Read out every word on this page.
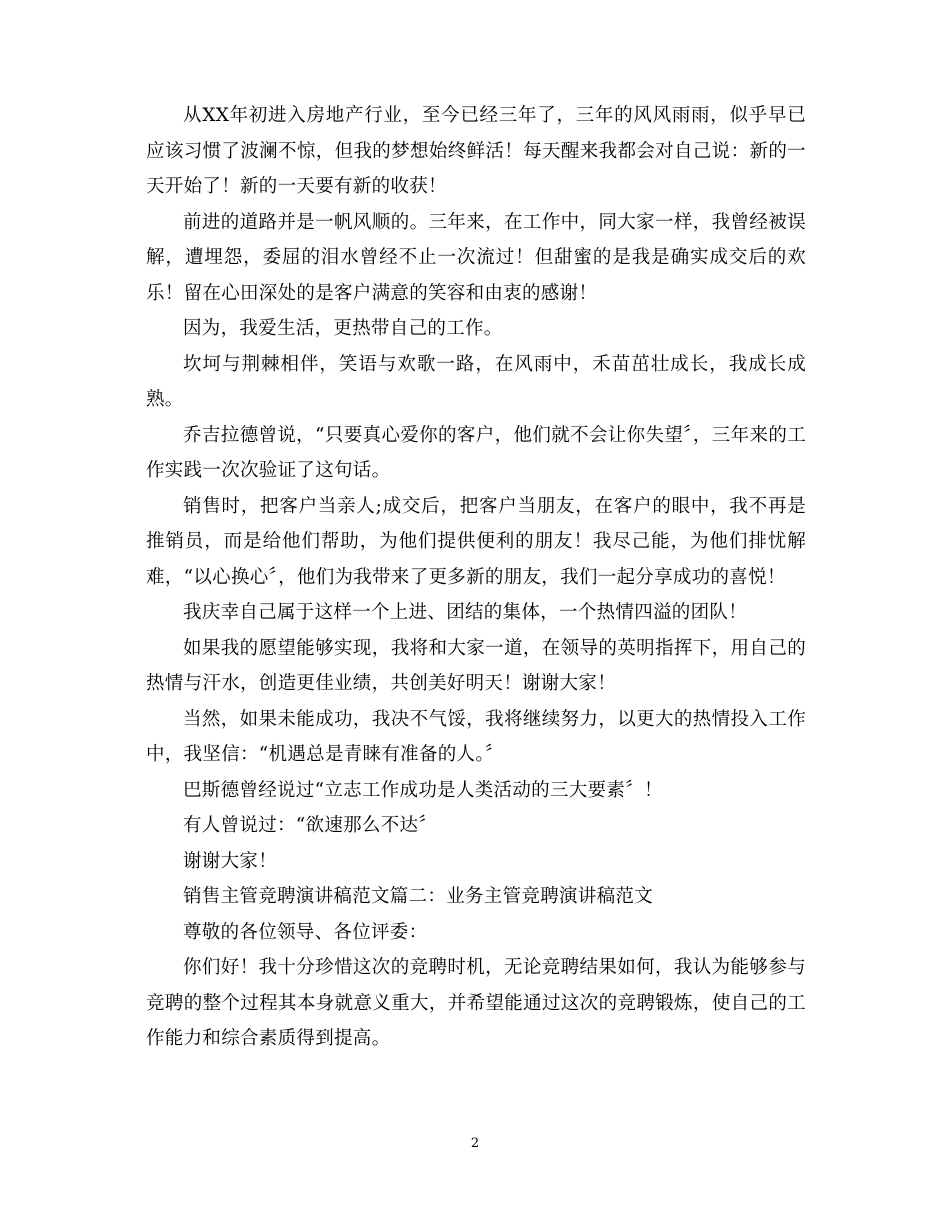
从XX年初进入房地产行业，至今已经三年了，三年的风风雨雨，似乎早已应该习惯了波澜不惊，但我的梦想始终鲜活！每天醒来我都会对自己说：新的一天开始了！新的一天要有新的收获！

前进的道路并是一帆风顺的。三年来，在工作中，同大家一样，我曾经被误解，遭埋怨，委屈的泪水曾经不止一次流过！但甜蜜的是我是确实成交后的欢乐！留在心田深处的是客户满意的笑容和由衷的感谢！

因为，我爱生活，更热带自己的工作。

坎坷与荆棘相伴，笑语与欢歌一路，在风雨中，禾苗茁壮成长，我成长成熟。

乔吉拉德曾说，“只要真心爱你的客户，他们就不会让你失望〞，三年来的工作实践一次次验证了这句话。

销售时，把客户当亲人;成交后，把客户当朋友，在客户的眼中，我不再是推销员，而是给他们帮助，为他们提供便利的朋友！我尽己能，为他们排忧解难，“以心换心〞，他们为我带来了更多新的朋友，我们一起分享成功的喜悦！

我庆幸自己属于这样一个上进、团结的集体，一个热情四溢的团队！

如果我的愿望能够实现，我将和大家一道，在领导的英明指挥下，用自己的热情与汗水，创造更佳业绩，共创美好明天！谢谢大家！

当然，如果未能成功，我决不气馁，我将继续努力，以更大的热情投入工作中，我坚信：“机遇总是青睐有准备的人。〞

巴斯德曾经说过“立志工作成功是人类活动的三大要素〞！

有人曾说过：“欲速那么不达〞

谢谢大家！

销售主管竞聘演讲稿范文篇二：业务主管竞聘演讲稿范文

尊敬的各位领导、各位评委：

你们好！我十分珍惜这次的竞聘时机，无论竞聘结果如何，我认为能够参与竞聘的整个过程其本身就意义重大，并希望能通过这次的竞聘锻炼，使自己的工作能力和综合素质得到提高。

2
